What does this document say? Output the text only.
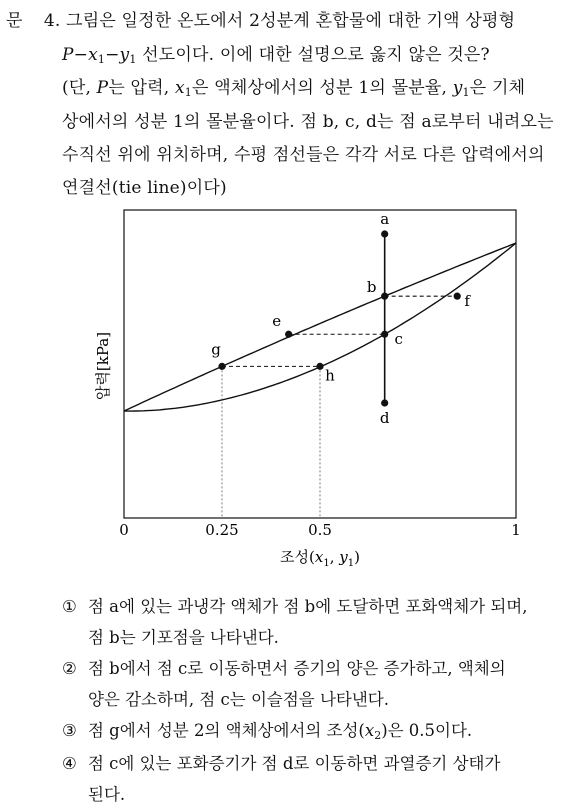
문 4. 그림은 일정한 온도에서 2성분계 혼합물에 대한 기액 상평형
$P-x_1-y_1$ 선도이다. 이에 대한 설명으로 옳지 않은 것은?
(단, P는 압력, $x_1$은 액체상에서의 성분 1의 몰분율, $y_1$은 기체
상에서의 성분 1의 몰분율이다. 점 b, c, d는 점 a로부터 내려오는
수직선 위에 위치하며, 수평 점선들은 각각 서로 다른 압력에서의
연결선(tie line)이다)
a
b
c
d
e
f
g
h
0	0.25	0.5	1
압력[kPa]
조성($x_1$, $y_1$)
① 점 a에 있는 과냉각 액체가 점 b에 도달하면 포화액체가 되며,
점 b는 기포점을 나타낸다.
② 점 b에서 점 c로 이동하면서 증기의 양은 증가하고, 액체의
양은 감소하며, 점 c는 이슬점을 나타낸다.
③ 점 g에서 성분 2의 액체상에서의 조성$(x_2)$은 0.5이다.
④ 점 c에 있는 포화증기가 점 d로 이동하면 과열증기 상태가
된다.
